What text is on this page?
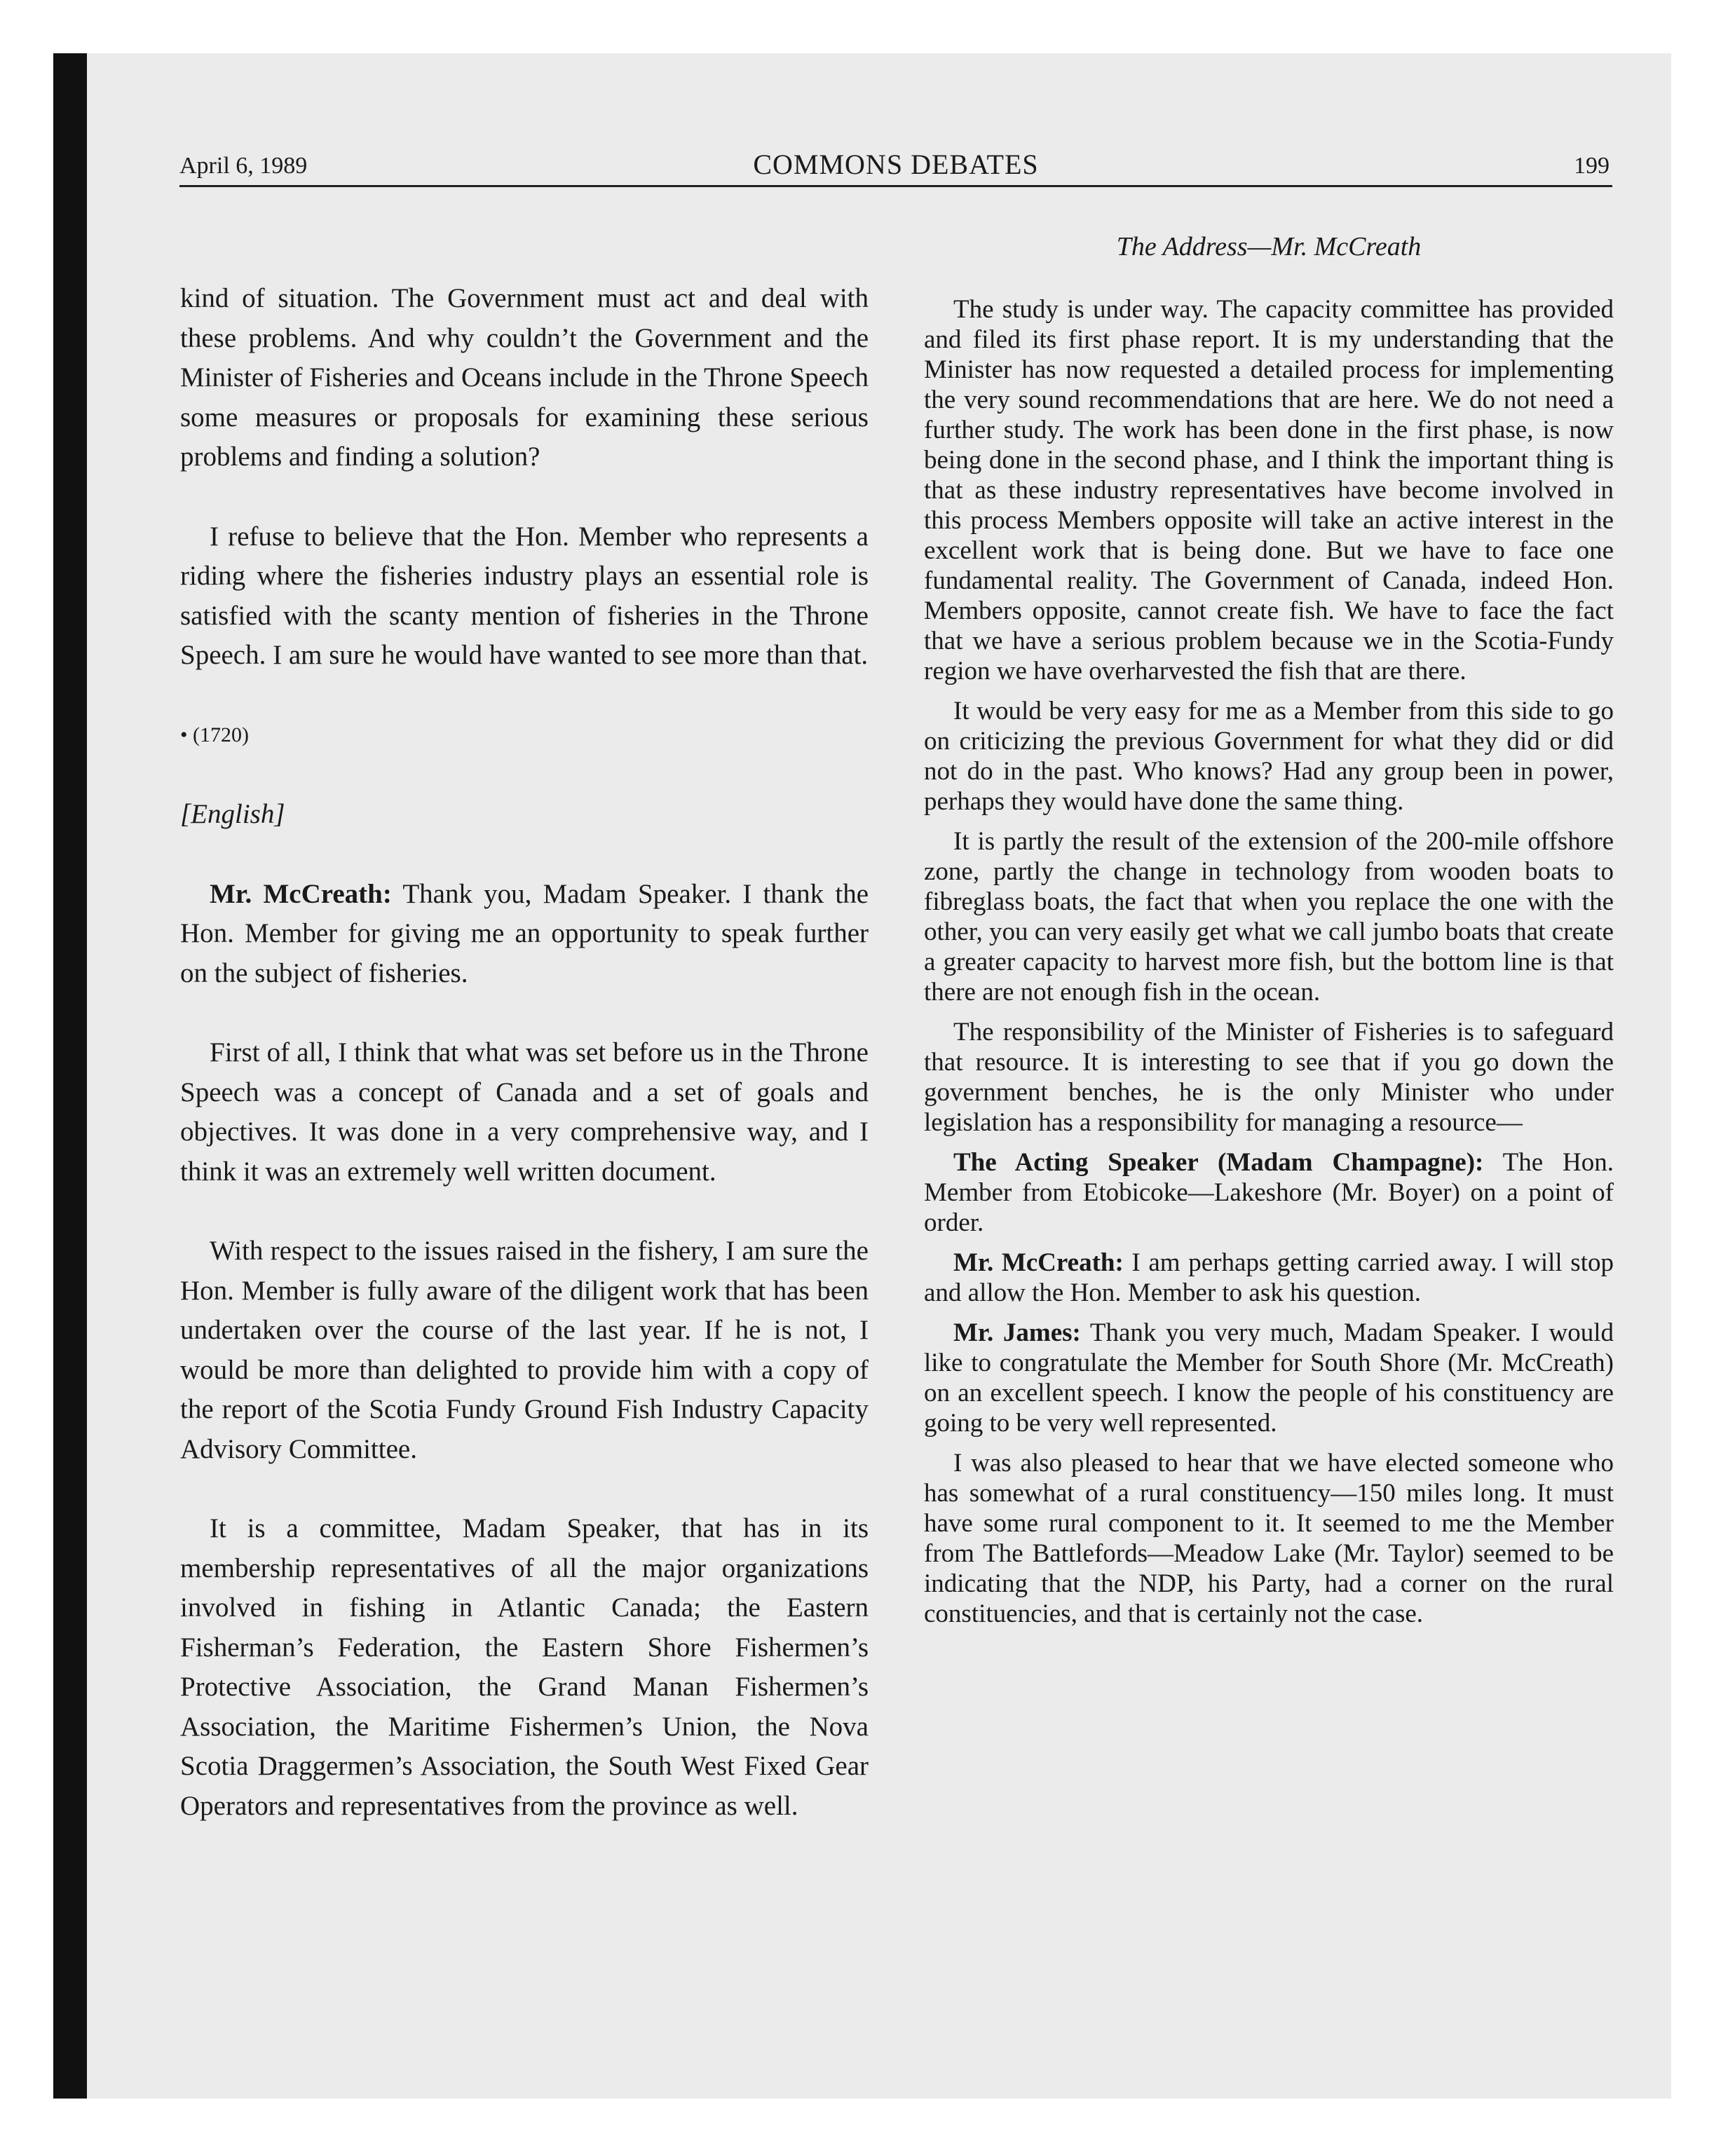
April 6, 1989	COMMONS DEBATES	199
The Address—Mr. McCreath

kind of situation. The Government must act and deal with these problems. And why couldn’t the Government and the Minister of Fisheries and Oceans include in the Throne Speech some measures or proposals for examining these serious problems and finding a solution?

I refuse to believe that the Hon. Member who represents a riding where the fisheries industry plays an essential role is satisfied with the scanty mention of fisheries in the Throne Speech. I am sure he would have wanted to see more than that.

• (1720)

[English]

Mr. McCreath: Thank you, Madam Speaker. I thank the Hon. Member for giving me an opportunity to speak further on the subject of fisheries.

First of all, I think that what was set before us in the Throne Speech was a concept of Canada and a set of goals and objectives. It was done in a very comprehensive way, and I think it was an extremely well written document.

With respect to the issues raised in the fishery, I am sure the Hon. Member is fully aware of the diligent work that has been undertaken over the course of the last year. If he is not, I would be more than delighted to provide him with a copy of the report of the Scotia Fundy Ground Fish Industry Capacity Advisory Committee.

It is a committee, Madam Speaker, that has in its membership representatives of all the major organizations involved in fishing in Atlantic Canada; the Eastern Fisherman’s Federation, the Eastern Shore Fishermen’s Protective Association, the Grand Manan Fishermen’s Association, the Maritime Fishermen’s Union, the Nova Scotia Draggermen’s Association, the South West Fixed Gear Operators and representatives from the province as well.

The study is under way. The capacity committee has provided and filed its first phase report. It is my understanding that the Minister has now requested a detailed process for implementing the very sound recommendations that are here. We do not need a further study. The work has been done in the first phase, is now being done in the second phase, and I think the important thing is that as these industry representatives have become involved in this process Members opposite will take an active interest in the excellent work that is being done. But we have to face one fundamental reality. The Government of Canada, indeed Hon. Members opposite, cannot create fish. We have to face the fact that we have a serious problem because we in the Scotia-Fundy region we have overharvested the fish that are there.

It would be very easy for me as a Member from this side to go on criticizing the previous Government for what they did or did not do in the past. Who knows? Had any group been in power, perhaps they would have done the same thing.

It is partly the result of the extension of the 200-mile offshore zone, partly the change in technology from wooden boats to fibreglass boats, the fact that when you replace the one with the other, you can very easily get what we call jumbo boats that create a greater capacity to harvest more fish, but the bottom line is that there are not enough fish in the ocean.

The responsibility of the Minister of Fisheries is to safeguard that resource. It is interesting to see that if you go down the government benches, he is the only Minister who under legislation has a responsibility for managing a resource—

The Acting Speaker (Madam Champagne): The Hon. Member from Etobicoke—Lakeshore (Mr. Boyer) on a point of order.

Mr. McCreath: I am perhaps getting carried away. I will stop and allow the Hon. Member to ask his question.

Mr. James: Thank you very much, Madam Speaker. I would like to congratulate the Member for South Shore (Mr. McCreath) on an excellent speech. I know the people of his constituency are going to be very well represented.

I was also pleased to hear that we have elected someone who has somewhat of a rural constituency—150 miles long. It must have some rural component to it. It seemed to me the Member from The Battlefords—Meadow Lake (Mr. Taylor) seemed to be indicating that the NDP, his Party, had a corner on the rural constituencies, and that is certainly not the case.
